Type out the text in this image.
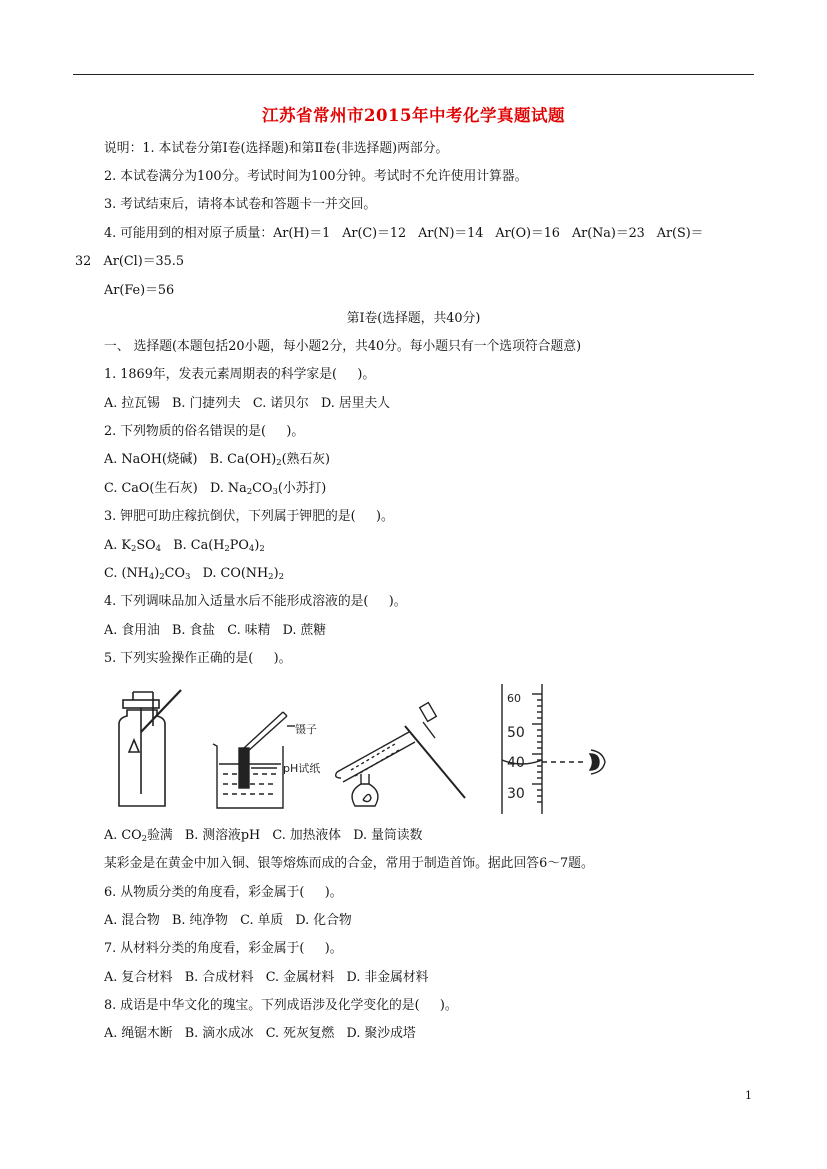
江苏省常州市2015年中考化学真题试题
说明：1. 本试卷分第Ⅰ卷(选择题)和第Ⅱ卷(非选择题)两部分。
2. 本试卷满分为100分。考试时间为100分钟。考试时不允许使用计算器。
3. 考试结束后，请将本试卷和答题卡一并交回。
4. 可能用到的相对原子质量：Ar(H)＝1   Ar(C)＝12   Ar(N)＝14   Ar(O)＝16   Ar(Na)＝23   Ar(S)＝
32   Ar(Cl)＝35.5
Ar(Fe)＝56
第Ⅰ卷(选择题，共40分)
一、 选择题(本题包括20小题，每小题2分，共40分。每小题只有一个选项符合题意)
1. 1869年，发表元素周期表的科学家是(     )。
A. 拉瓦锡   B. 门捷列夫   C. 诺贝尔   D. 居里夫人
2. 下列物质的俗名错误的是(     )。
A. NaOH(烧碱)   B. $Ca(OH)_2$(熟石灰)
C. CaO(生石灰)   D. $Na_2CO_3$(小苏打)
3. 钾肥可助庄稼抗倒伏，下列属于钾肥的是(     )。
A. $K_2SO_4$   B. $Ca(H_2PO_4)_2$
C. $(NH_4)_2CO_3$   D. $CO(NH_2)_2$
4. 下列调味品加入适量水后不能形成溶液的是(     )。
A. 食用油   B. 食盐   C. 味精   D. 蔗糖
5. 下列实验操作正确的是(     )。
镊子
pH试纸
60
50
40
30
A. $CO_2$验满   B. 测溶液pH   C. 加热液体   D. 量筒读数
某彩金是在黄金中加入铜、银等熔炼而成的合金，常用于制造首饰。据此回答6～7题。
6. 从物质分类的角度看，彩金属于(     )。
A. 混合物   B. 纯净物   C. 单质   D. 化合物
7. 从材料分类的角度看，彩金属于(     )。
A. 复合材料   B. 合成材料   C. 金属材料   D. 非金属材料
8. 成语是中华文化的瑰宝。下列成语涉及化学变化的是(     )。
A. 绳锯木断   B. 滴水成冰   C. 死灰复燃   D. 聚沙成塔
1
